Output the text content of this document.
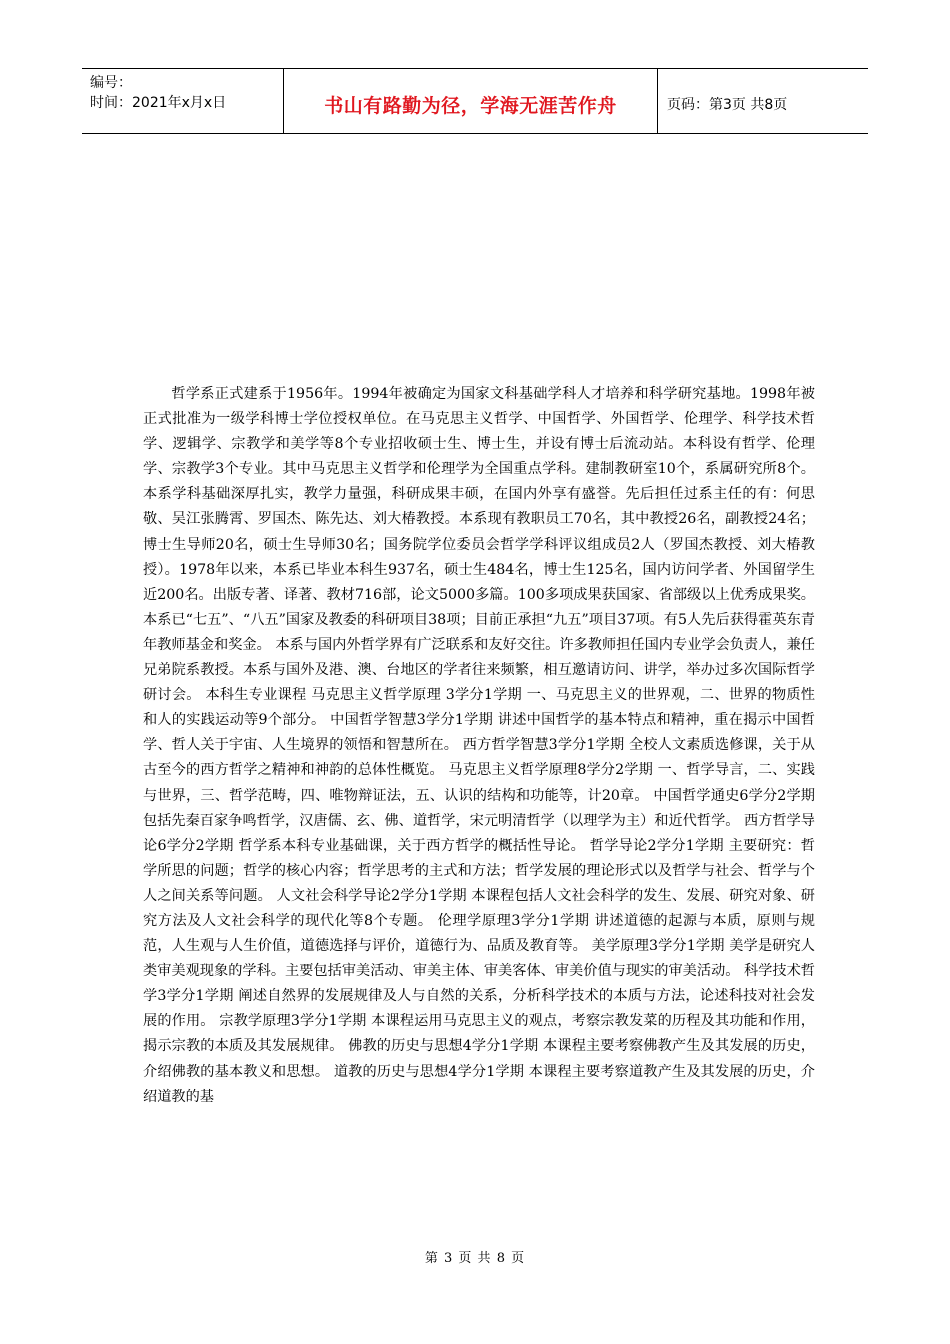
编号：
时间：2021年x月x日	书山有路勤为径，学海无涯苦作舟	页码：第3页 共8页

哲学系正式建系于1956年。1994年被确定为国家文科基础学科人才培养和科学研究基地。1998年被正式批准为一级学科博士学位授权单位。在马克思主义哲学、中国哲学、外国哲学、伦理学、科学技术哲学、逻辑学、宗教学和美学等8个专业招收硕士生、博士生，并设有博士后流动站。本科设有哲学、伦理学、宗教学3个专业。其中马克思主义哲学和伦理学为全国重点学科。建制教研室10个，系属研究所8个。本系学科基础深厚扎实，教学力量强，科研成果丰硕，在国内外享有盛誉。先后担任过系主任的有：何思敬、吴江张腾霄、罗国杰、陈先达、刘大椿教授。本系现有教职员工70名，其中教授26名，副教授24名；博士生导师20名，硕士生导师30名；国务院学位委员会哲学学科评议组成员2人（罗国杰教授、刘大椿教授）。1978年以来，本系已毕业本科生937名，硕士生484名，博士生125名，国内访问学者、外国留学生近200名。出版专著、译著、教材716部，论文5000多篇。100多项成果获国家、省部级以上优秀成果奖。本系已“七五”、“八五”国家及教委的科研项目38项；目前正承担“九五”项目37项。有5人先后获得霍英东青年教师基金和奖金。 本系与国内外哲学界有广泛联系和友好交往。许多教师担任国内专业学会负责人，兼任兄弟院系教授。本系与国外及港、澳、台地区的学者往来频繁，相互邀请访问、讲学，举办过多次国际哲学研讨会。 本科生专业课程 马克思主义哲学原理 3学分1学期 一、马克思主义的世界观，二、世界的物质性和人的实践运动等9个部分。 中国哲学智慧3学分1学期 讲述中国哲学的基本特点和精神，重在揭示中国哲学、哲人关于宇宙、人生境界的领悟和智慧所在。 西方哲学智慧3学分1学期 全校人文素质选修课，关于从古至今的西方哲学之精神和神韵的总体性概览。 马克思主义哲学原理8学分2学期 一、哲学导言，二、实践与世界，三、哲学范畴，四、唯物辩证法，五、认识的结构和功能等，计20章。 中国哲学通史6学分2学期 包括先秦百家争鸣哲学，汉唐儒、玄、佛、道哲学，宋元明清哲学（以理学为主）和近代哲学。 西方哲学导论6学分2学期 哲学系本科专业基础课，关于西方哲学的概括性导论。 哲学导论2学分1学期 主要研究：哲学所思的问题；哲学的核心内容；哲学思考的主式和方法；哲学发展的理论形式以及哲学与社会、哲学与个人之间关系等问题。 人文社会科学导论2学分1学期 本课程包括人文社会科学的发生、发展、研究对象、研究方法及人文社会科学的现代化等8个专题。 伦理学原理3学分1学期 讲述道德的起源与本质，原则与规范，人生观与人生价值，道德选择与评价，道德行为、品质及教育等。 美学原理3学分1学期 美学是研究人类审美观现象的学科。主要包括审美活动、审美主体、审美客体、审美价值与现实的审美活动。 科学技术哲学3学分1学期 阐述自然界的发展规律及人与自然的关系，分析科学技术的本质与方法，论述科技对社会发展的作用。 宗教学原理3学分1学期 本课程运用马克思主义的观点，考察宗教发菜的历程及其功能和作用，揭示宗教的本质及其发展规律。 佛教的历史与思想4学分1学期 本课程主要考察佛教产生及其发展的历史，介绍佛教的基本教义和思想。 道教的历史与思想4学分1学期 本课程主要考察道教产生及其发展的历史，介绍道教的基

第 3 页 共 8 页
